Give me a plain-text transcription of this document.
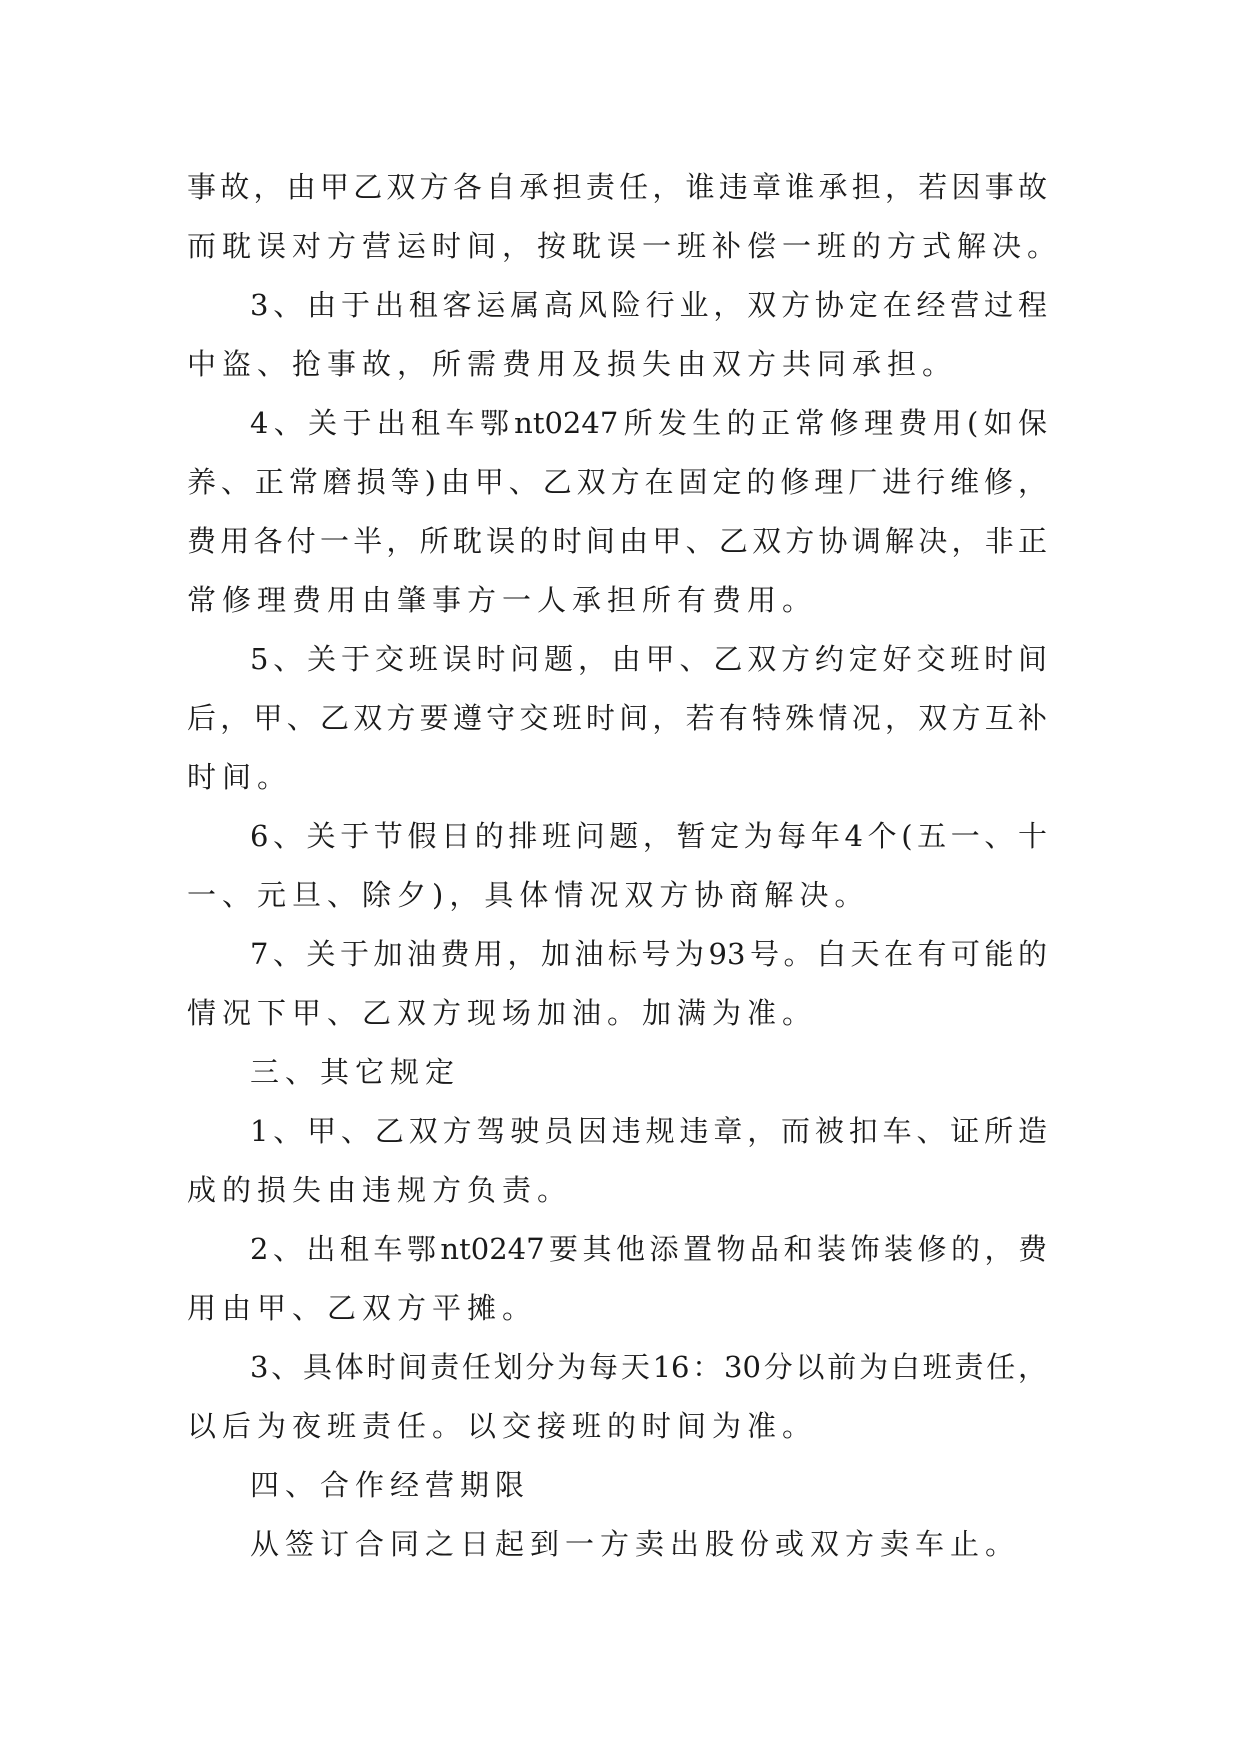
事故，由甲乙双方各自承担责任，谁违章谁承担，若因事故
而耽误对方营运时间，按耽误一班补偿一班的方式解决。
3、由于出租客运属高风险行业，双方协定在经营过程
中盗、抢事故，所需费用及损失由双方共同承担。
4、关于出租车鄂nt0247所发生的正常修理费用(如保
养、正常磨损等)由甲、乙双方在固定的修理厂进行维修，
费用各付一半，所耽误的时间由甲、乙双方协调解决，非正
常修理费用由肇事方一人承担所有费用。
5、关于交班误时问题，由甲、乙双方约定好交班时间
后，甲、乙双方要遵守交班时间，若有特殊情况，双方互补
时间。
6、关于节假日的排班问题，暂定为每年4个(五一、十
一、元旦、除夕)，具体情况双方协商解决。
7、关于加油费用，加油标号为93号。白天在有可能的
情况下甲、乙双方现场加油。加满为准。
三、其它规定
1、甲、乙双方驾驶员因违规违章，而被扣车、证所造
成的损失由违规方负责。
2、出租车鄂nt0247要其他添置物品和装饰装修的，费
用由甲、乙双方平摊。
3、具体时间责任划分为每天16：30分以前为白班责任，
以后为夜班责任。以交接班的时间为准。
四、合作经营期限
从签订合同之日起到一方卖出股份或双方卖车止。
